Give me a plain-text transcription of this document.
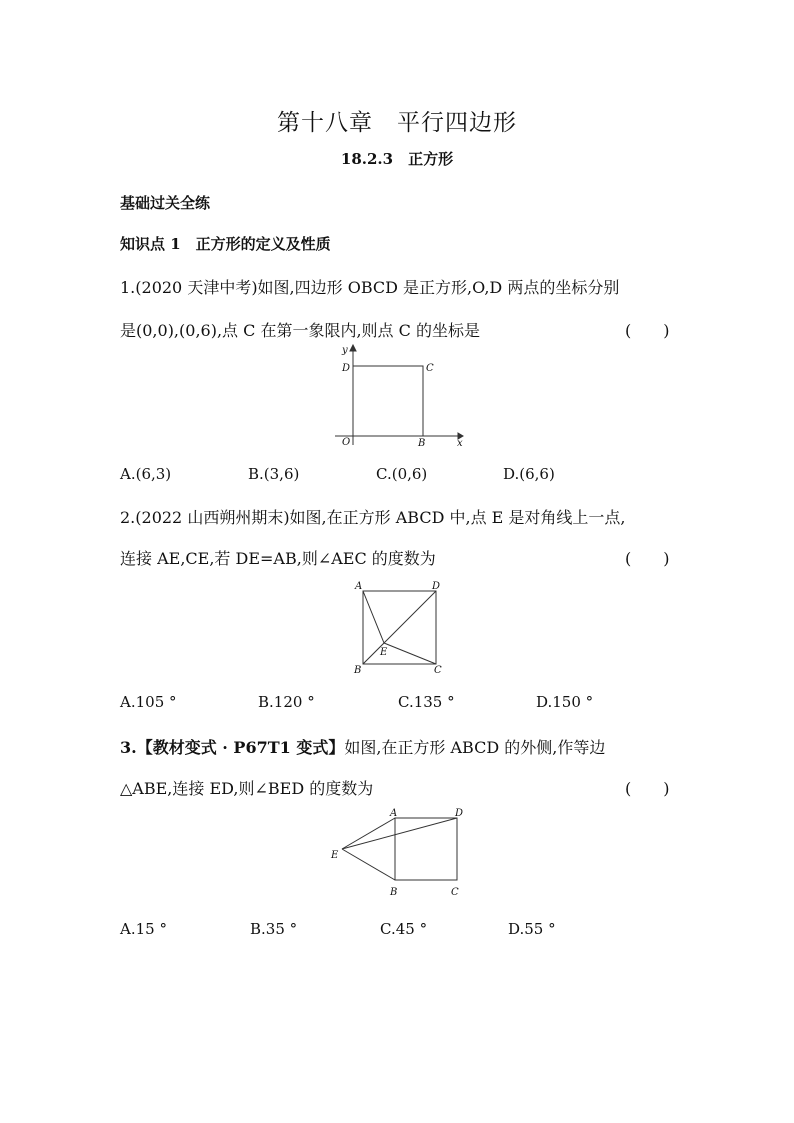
第十八章　平行四边形
18.2.3　正方形
基础过关全练
知识点 1　正方形的定义及性质
1.(2020 天津中考)如图,四边形 OBCD 是正方形,O,D 两点的坐标分别
是(0,0),(0,6),点 C 在第一象限内,则点 C 的坐标是	(　　)
y
x
D	C
O	B
A.(6,3)	B.(3,6)	C.(0,6)	D.(6,6)
2.(2022 山西朔州期末)如图,在正方形 ABCD 中,点 E 是对角线上一点,
连接 AE,CE,若 DE=AB,则∠AEC 的度数为	(　　)
A	D
B
E
C
A.105 °	B.120 °	C.135 °	D.150 °
3.【教材变式 · P67T1 变式】如图,在正方形 ABCD 的外侧,作等边
△ABE,连接 ED,则∠BED 的度数为	(　　)
A	D
E
B	C
A.15 °	B.35 °	C.45 °	D.55 °
